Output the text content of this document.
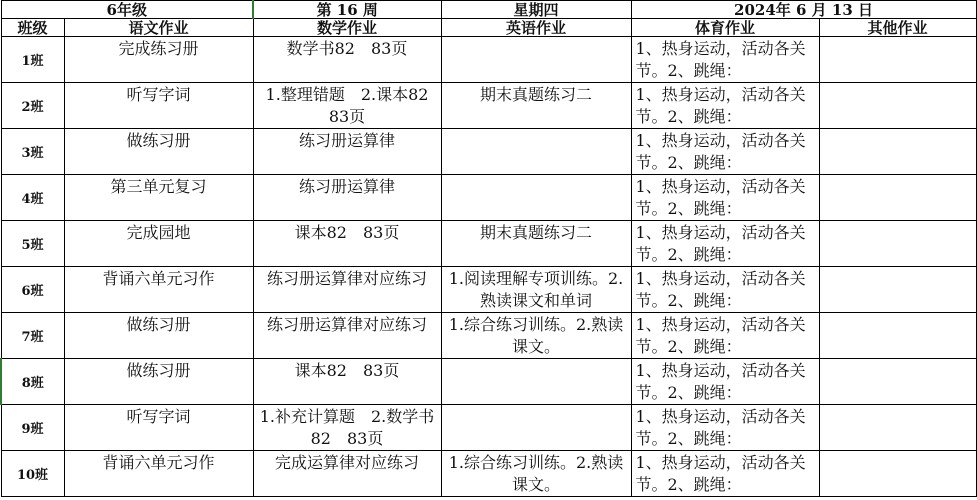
6年级		第 16 周	星期四	2024年 6 月 13 日	
班级	语文作业	数学作业	英语作业	体育作业	其他作业
1班	完成练习册	数学书82　83页		1、热身运动，活动各关节。2、跳绳：	

2班	听写字词	1.整理错题　2.课本82　83页	期末真题练习二	1、热身运动，活动各关节。2、跳绳：	

3班	做练习册	练习册运算律		1、热身运动，活动各关节。2、跳绳：	

4班	第三单元复习	练习册运算律		1、热身运动，活动各关节。2、跳绳：	

5班	完成园地	课本82　83页	期末真题练习二	1、热身运动，活动各关节。2、跳绳：	

6班	背诵六单元习作	练习册运算律对应练习	1.阅读理解专项训练。2.熟读课文和单词	1、热身运动，活动各关节。2、跳绳：	

7班	做练习册	练习册运算律对应练习	1.综合练习训练。2.熟读课文。	1、热身运动，活动各关节。2、跳绳：	

8班	做练习册	课本82　83页		1、热身运动，活动各关节。2、跳绳：	

9班	听写字词	1.补充计算题　2.数学书82　83页		1、热身运动，活动各关节。2、跳绳：	

10班	背诵六单元习作	完成运算律对应练习	1.综合练习训练。2.熟读课文。	1、热身运动，活动各关节。2、跳绳：	
